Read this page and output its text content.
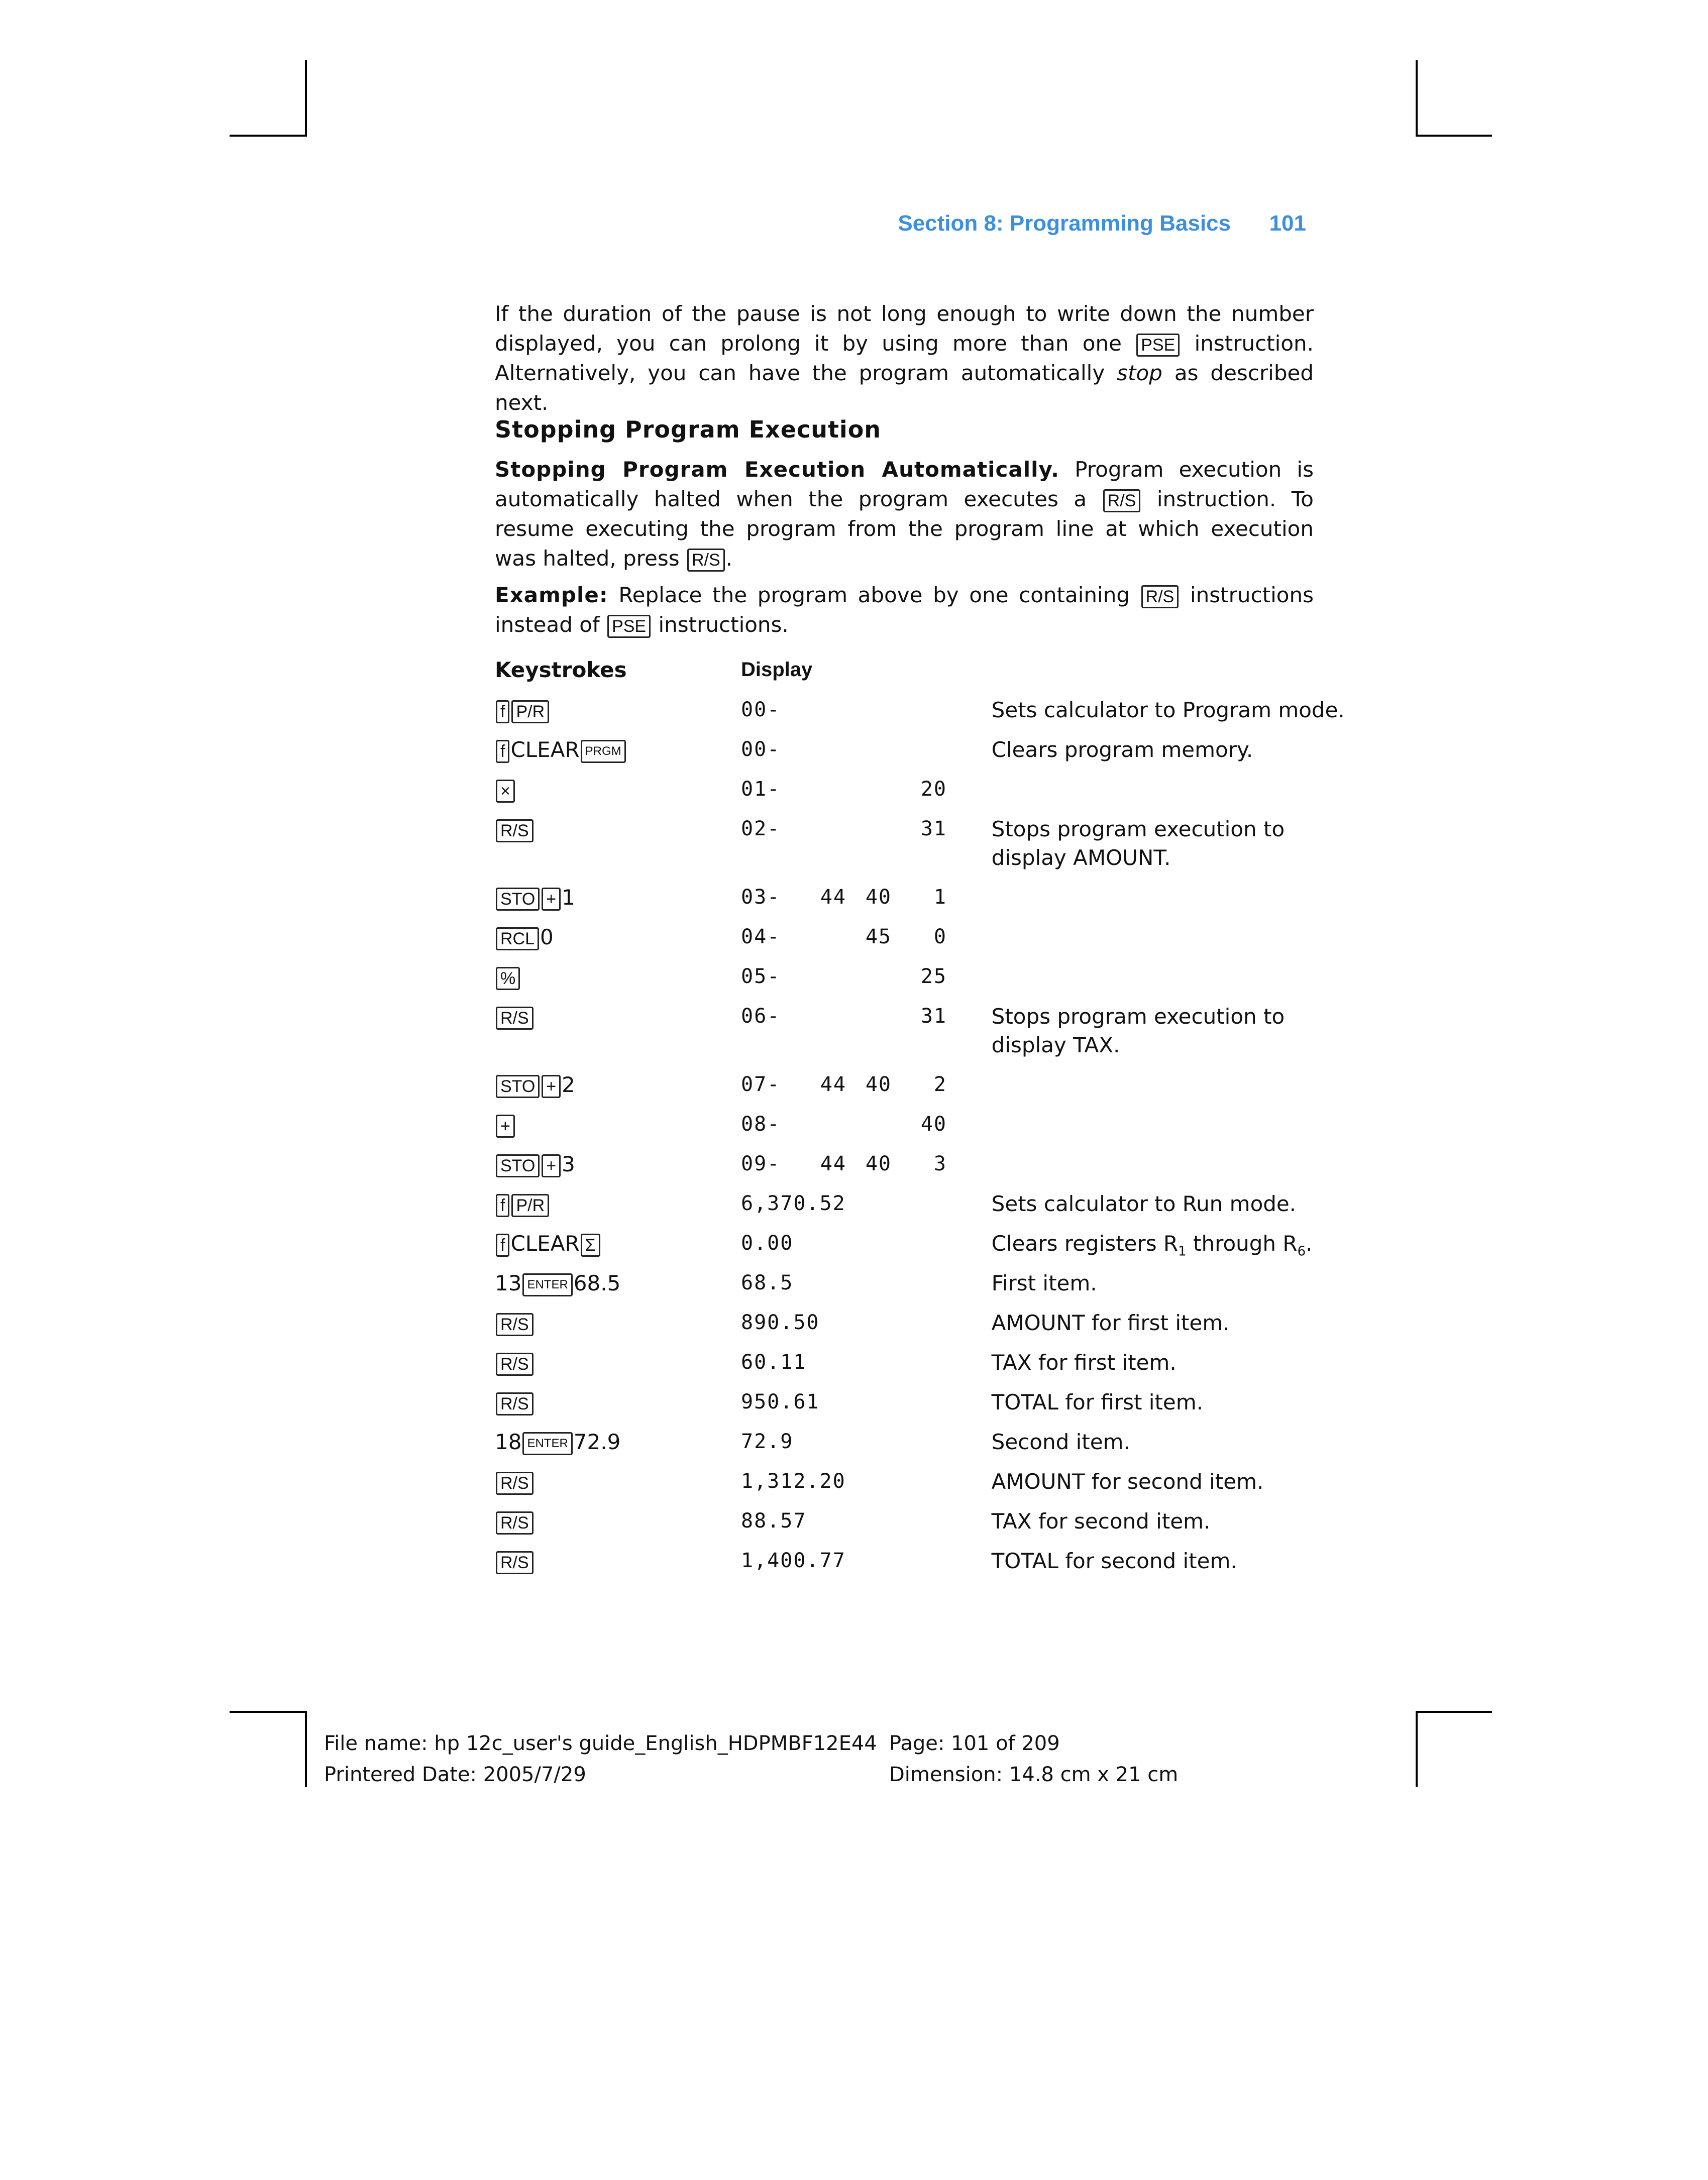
Section 8: Programming Basics 101
If the duration of the pause is not long enough to write down the number displayed, you can prolong it by using more than one PSE instruction. Alternatively, you can have the program automatically stop as described next.
Stopping Program Execution
Stopping Program Execution Automatically. Program execution is automatically halted when the program executes a R/S instruction. To resume executing the program from the program line at which execution was halted, press R/S .
Example: Replace the program above by one containing R/S instructions instead of PSE instructions.
Keystrokes	Display	
f P/R	00-	Sets calculator to Program mode.
f CLEAR PRGM	00-	Clears program memory.
×	01- 20	

R/S	02- 31	Stops program execution to display AMOUNT.
STO + 1	03- 44 40 1	

RCL 0	04- 45 0	

%	05- 25	

R/S	06- 31	Stops program execution to display TAX.
STO + 2	07- 44 40 2	

+	08- 40	

STO + 3	09- 44 40 3	

f P/R	6,370.52	Sets calculator to Run mode.
f CLEAR Σ	0.00	Clears registers $R_1$ through $R_6$.
13 ENTER 68.5	68.5	First item.
R/S	890.50	AMOUNT for first item.
R/S	60.11	TAX for first item.
R/S	950.61	TOTAL for first item.
18 ENTER 72.9	72.9	Second item.
R/S	1,312.20	AMOUNT for second item.
R/S	88.57	TAX for second item.
R/S	1,400.77	TOTAL for second item.
File name: hp 12c_user's guide_English_HDPMBF12E44
Printered Date: 2005/7/29
Page: 101 of 209
Dimension: 14.8 cm x 21 cm
